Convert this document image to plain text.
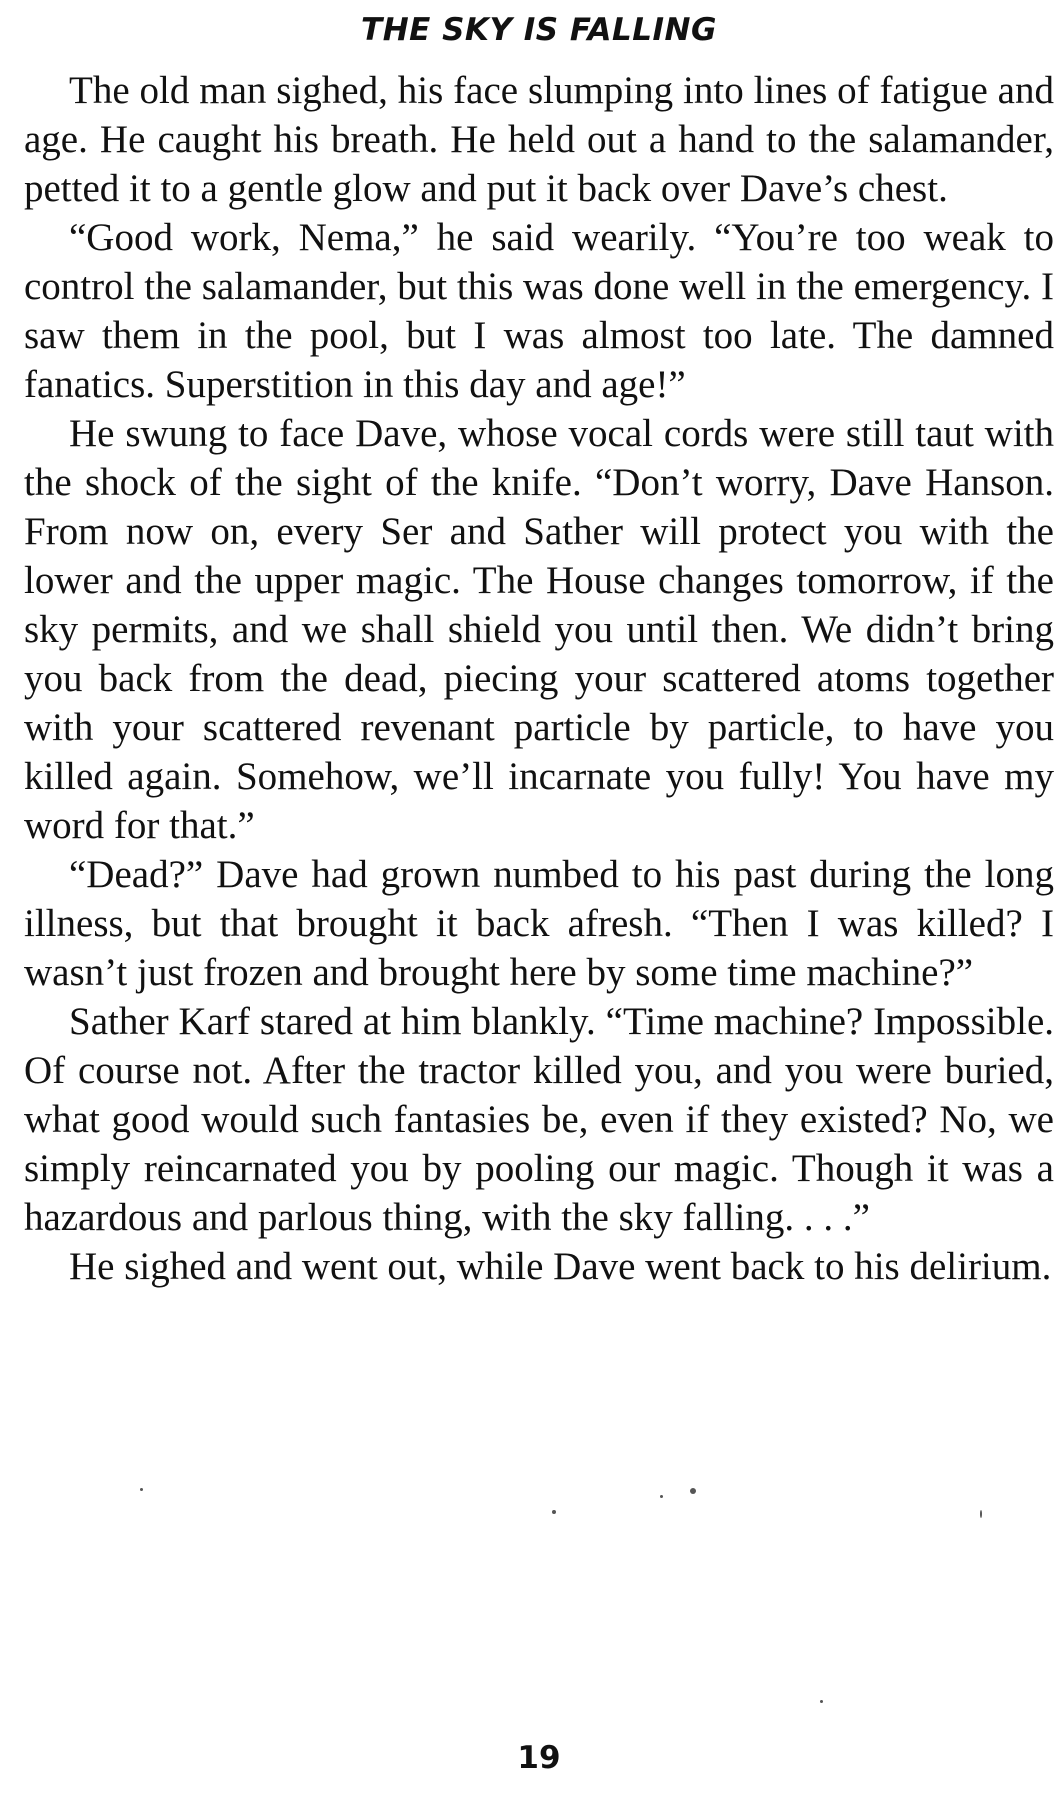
THE SKY IS FALLING

The old man sighed, his face slumping into lines of fatigue and age. He caught his breath. He held out a hand to the salamander, petted it to a gentle glow and put it back over Dave’s chest.

“Good work, Nema,” he said wearily. “You’re too weak to control the salamander, but this was done well in the emergency. I saw them in the pool, but I was almost too late. The damned fanatics. Superstition in this day and age!”

He swung to face Dave, whose vocal cords were still taut with the shock of the sight of the knife. “Don’t worry, Dave Hanson. From now on, every Ser and Sather will protect you with the lower and the upper magic. The House changes tomorrow, if the sky permits, and we shall shield you until then. We didn’t bring you back from the dead, piecing your scattered atoms together with your scattered revenant particle by particle, to have you killed again. Somehow, we’ll incarnate you fully! You have my word for that.”

“Dead?” Dave had grown numbed to his past during the long illness, but that brought it back afresh. “Then I was killed? I wasn’t just frozen and brought here by some time machine?”

Sather Karf stared at him blankly. “Time machine? Impossible. Of course not. After the tractor killed you, and you were buried, what good would such fantasies be, even if they existed? No, we simply reincarnated you by pooling our magic. Though it was a hazardous and parlous thing, with the sky falling. . . .”

He sighed and went out, while Dave went back to his delirium.

19
